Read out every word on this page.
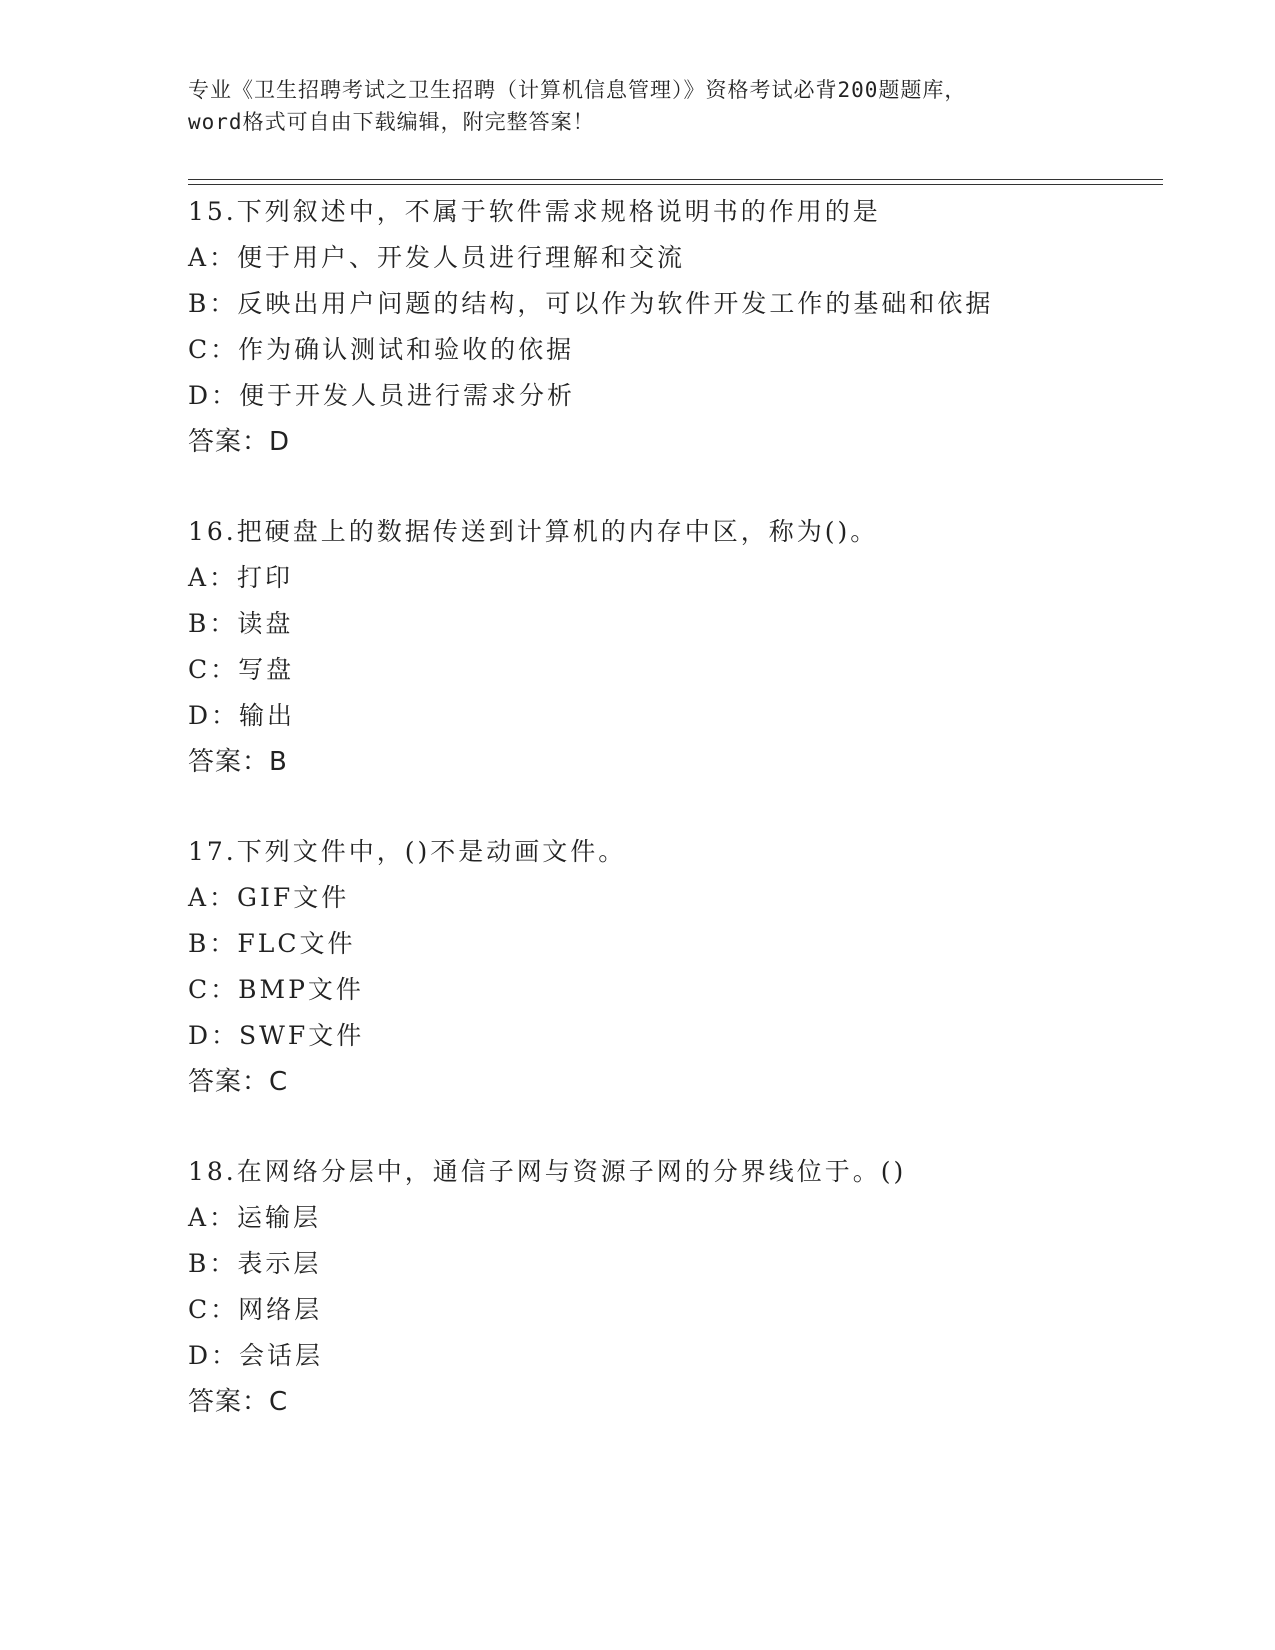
专业《卫生招聘考试之卫生招聘（计算机信息管理）》资格考试必背200题题库，
word格式可自由下载编辑，附完整答案！
15.下列叙述中，不属于软件需求规格说明书的作用的是
A：便于用户、开发人员进行理解和交流
B：反映出用户问题的结构，可以作为软件开发工作的基础和依据
C：作为确认测试和验收的依据
D：便于开发人员进行需求分析
答案：D
16.把硬盘上的数据传送到计算机的内存中区，称为()。
A：打印
B：读盘
C：写盘
D：输出
答案：B
17.下列文件中，()不是动画文件。
A：GIF文件
B：FLC文件
C：BMP文件
D：SWF文件
答案：C
18.在网络分层中，通信子网与资源子网的分界线位于。()
A：运输层
B：表示层
C：网络层
D：会话层
答案：C
